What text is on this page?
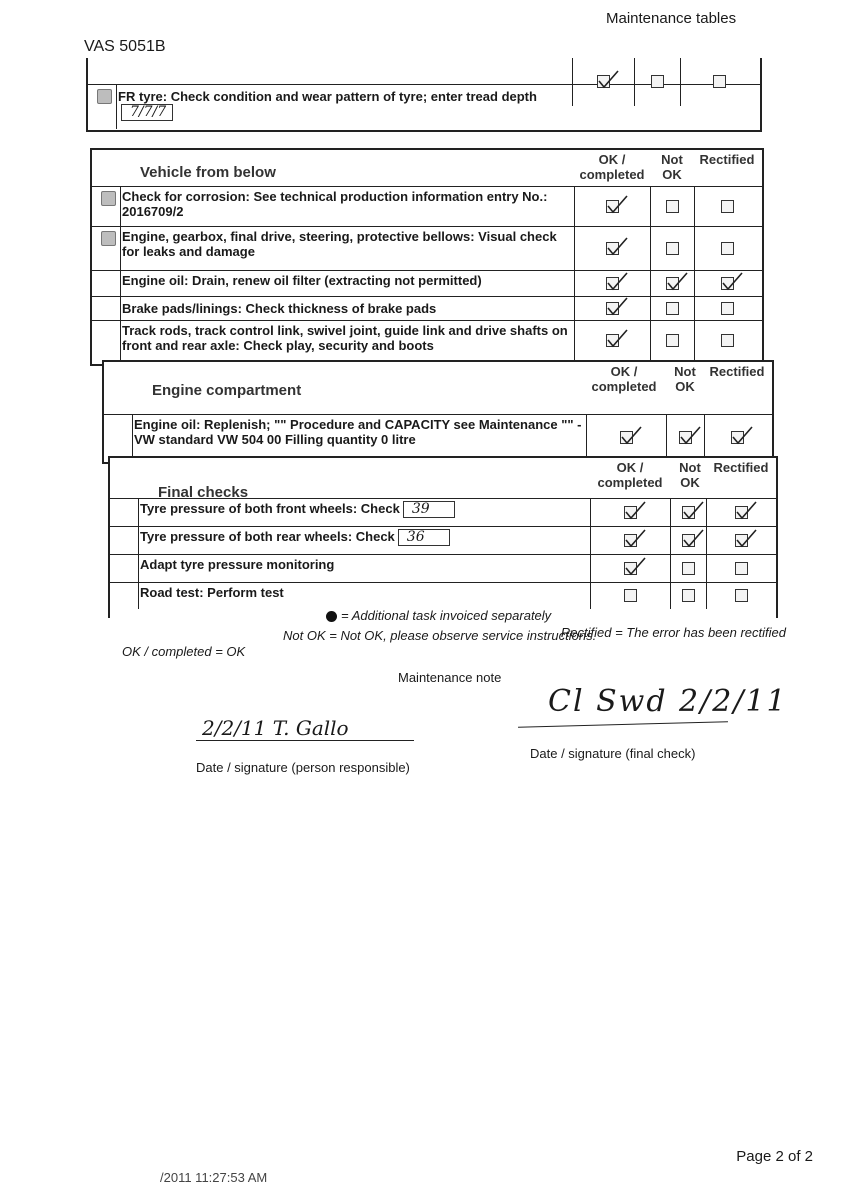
VAS 5051B
Maintenance tables
FR tyre: Check condition and wear pattern of tyre; enter tread depth7/7/7
Vehicle from below
OK / completed
Not OK
Rectified
Check for corrosion: See technical production information entry No.: 2016709/2
Engine, gearbox, final drive, steering, protective bellows: Visual check for leaks and damage
Engine oil: Drain, renew oil filter (extracting not permitted)
Brake pads/linings: Check thickness of brake pads
Track rods, track control link, swivel joint, guide link and drive shafts on front and rear axle: Check play, security and boots
Engine compartment
OK / completed
Not OK
Rectified
Engine oil: Replenish; "" Procedure and CAPACITY see Maintenance "" - VW standard VW 504 00 Filling quantity 0 litre
Final checks
OK / completed
Not OK
Rectified
Tyre pressure of both front wheels: Check 39
Tyre pressure of both rear wheels: Check 36
Adapt tyre pressure monitoring
Road test: Perform test
= Additional task invoiced separately
OK / completed = OK
Not OK = Not OK, please observe service instructions.
Rectified = The error has been rectified
Maintenance note
2/2/11 T. Gallo
Date / signature (person responsible)
Cl Swd 2/2/11
Date / signature (final check)
Page 2 of 2
/2011 11:27:53 AM
